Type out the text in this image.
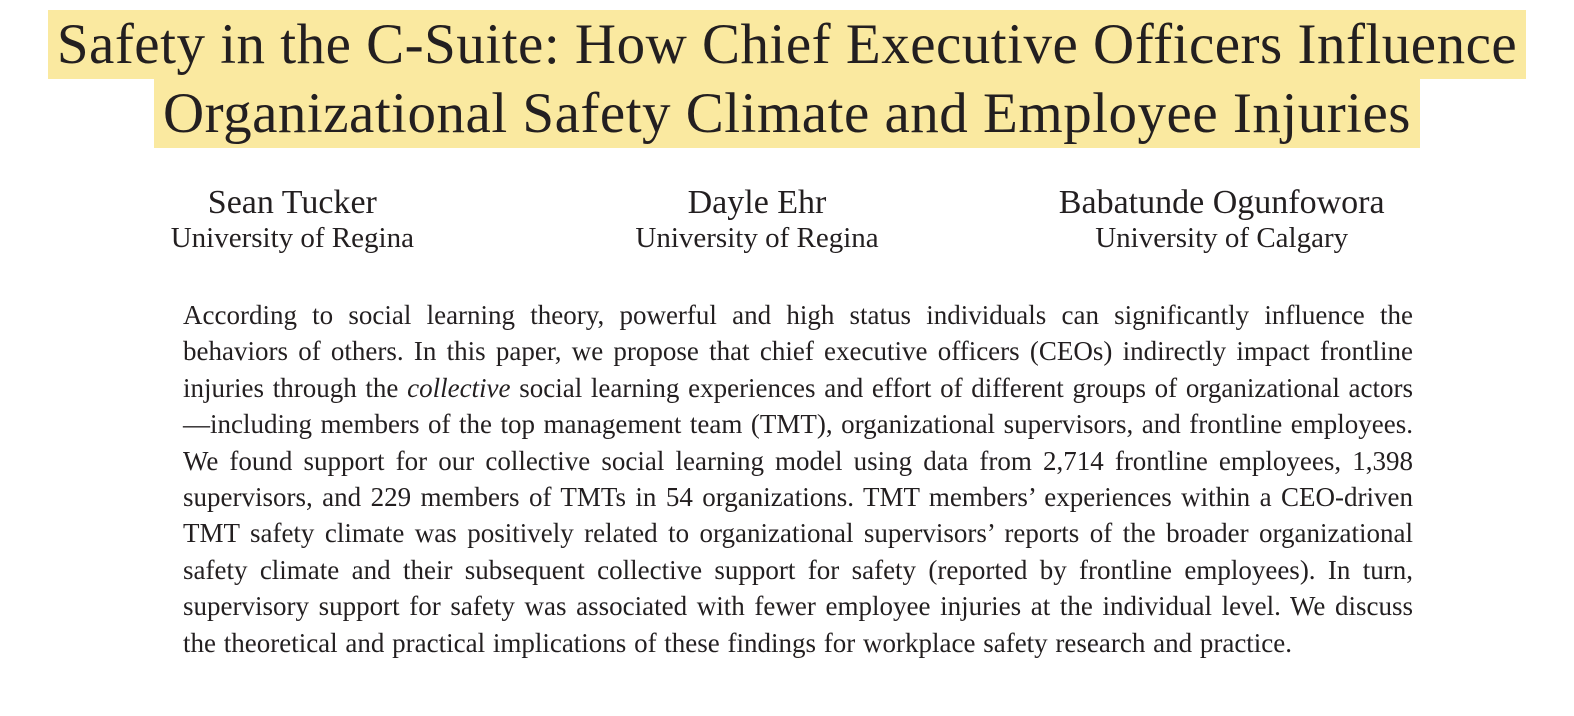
Safety in the C-Suite: How Chief Executive Officers Influence
Organizational Safety Climate and Employee Injuries
Sean Tucker
University of Regina
Dayle Ehr
University of Regina
Babatunde Ogunfowora
University of Calgary

According to social learning theory, powerful and high status individuals can significantly influence the behaviors of others. In this paper, we propose that chief executive officers (CEOs) indirectly impact frontline injuries through the collective social learning experiences and effort of different groups of organizational actors—including members of the top management team (TMT), organizational supervisors, and frontline employees. We found support for our collective social learning model using data from 2,714 frontline employees, 1,398 supervisors, and 229 members of TMTs in 54 organizations. TMT members’ experiences within a CEO-driven TMT safety climate was positively related to organizational supervisors’ reports of the broader organizational safety climate and their subsequent collective support for safety (reported by frontline employees). In turn, supervisory support for safety was associated with fewer employee injuries at the individual level. We discuss the theoretical and practical implications of these findings for workplace safety research and practice.
